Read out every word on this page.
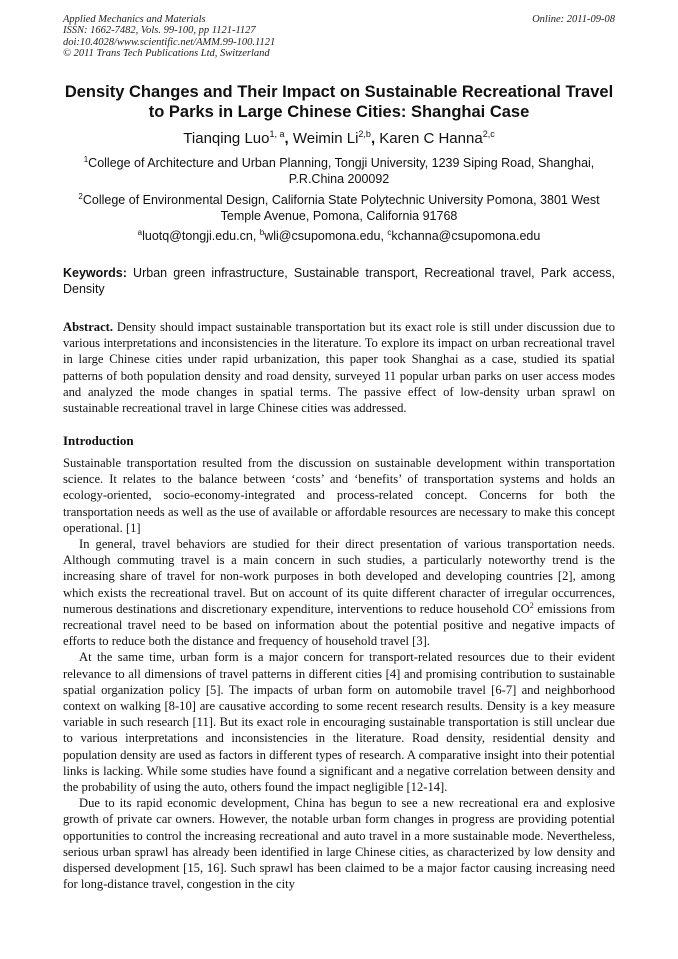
Applied Mechanics and Materials
ISSN: 1662-7482, Vols. 99-100, pp 1121-1127
doi:10.4028/www.scientific.net/AMM.99-100.1121
© 2011 Trans Tech Publications Ltd, Switzerland
Online: 2011-09-08
Density Changes and Their Impact on Sustainable Recreational Travel to Parks in Large Chinese Cities: Shanghai Case
Tianqing Luo$^{1, a}$, Weimin Li$^{2,b}$, Karen C Hanna$^{2,c}$
$^1$College of Architecture and Urban Planning, Tongji University, 1239 Siping Road, Shanghai, P.R.China 200092
$^2$College of Environmental Design, California State Polytechnic University Pomona, 3801 West Temple Avenue, Pomona, California 91768
$^a$luotq@tongji.edu.cn, $^b$wli@csupomona.edu, $^c$kchanna@csupomona.edu
Keywords: Urban green infrastructure, Sustainable transport, Recreational travel, Park access, Density
Abstract. Density should impact sustainable transportation but its exact role is still under discussion due to various interpretations and inconsistencies in the literature. To explore its impact on urban recreational travel in large Chinese cities under rapid urbanization, this paper took Shanghai as a case, studied its spatial patterns of both population density and road density, surveyed 11 popular urban parks on user access modes and analyzed the mode changes in spatial terms. The passive effect of low-density urban sprawl on sustainable recreational travel in large Chinese cities was addressed.
Introduction

Sustainable transportation resulted from the discussion on sustainable development within transportation science. It relates to the balance between ‘costs’ and ‘benefits’ of transportation systems and holds an ecology-oriented, socio-economy-integrated and process-related concept. Concerns for both the transportation needs as well as the use of available or affordable resources are necessary to make this concept operational. [1]

In general, travel behaviors are studied for their direct presentation of various transportation needs. Although commuting travel is a main concern in such studies, a particularly noteworthy trend is the increasing share of travel for non-work purposes in both developed and developing countries [2], among which exists the recreational travel. But on account of its quite different character of irregular occurrences, numerous destinations and discretionary expenditure, interventions to reduce household $CO^2$ emissions from recreational travel need to be based on information about the potential positive and negative impacts of efforts to reduce both the distance and frequency of household travel [3].

At the same time, urban form is a major concern for transport-related resources due to their evident relevance to all dimensions of travel patterns in different cities [4] and promising contribution to sustainable spatial organization policy [5]. The impacts of urban form on automobile travel [6-7] and neighborhood context on walking [8-10] are causative according to some recent research results. Density is a key measure variable in such research [11]. But its exact role in encouraging sustainable transportation is still unclear due to various interpretations and inconsistencies in the literature. Road density, residential density and population density are used as factors in different types of research. A comparative insight into their potential links is lacking. While some studies have found a significant and a negative correlation between density and the probability of using the auto, others found the impact negligible [12-14].

Due to its rapid economic development, China has begun to see a new recreational era and explosive growth of private car owners. However, the notable urban form changes in progress are providing potential opportunities to control the increasing recreational and auto travel in a more sustainable mode. Nevertheless, serious urban sprawl has already been identified in large Chinese cities, as characterized by low density and dispersed development [15, 16]. Such sprawl has been claimed to be a major factor causing increasing need for long-distance travel, congestion in the city
